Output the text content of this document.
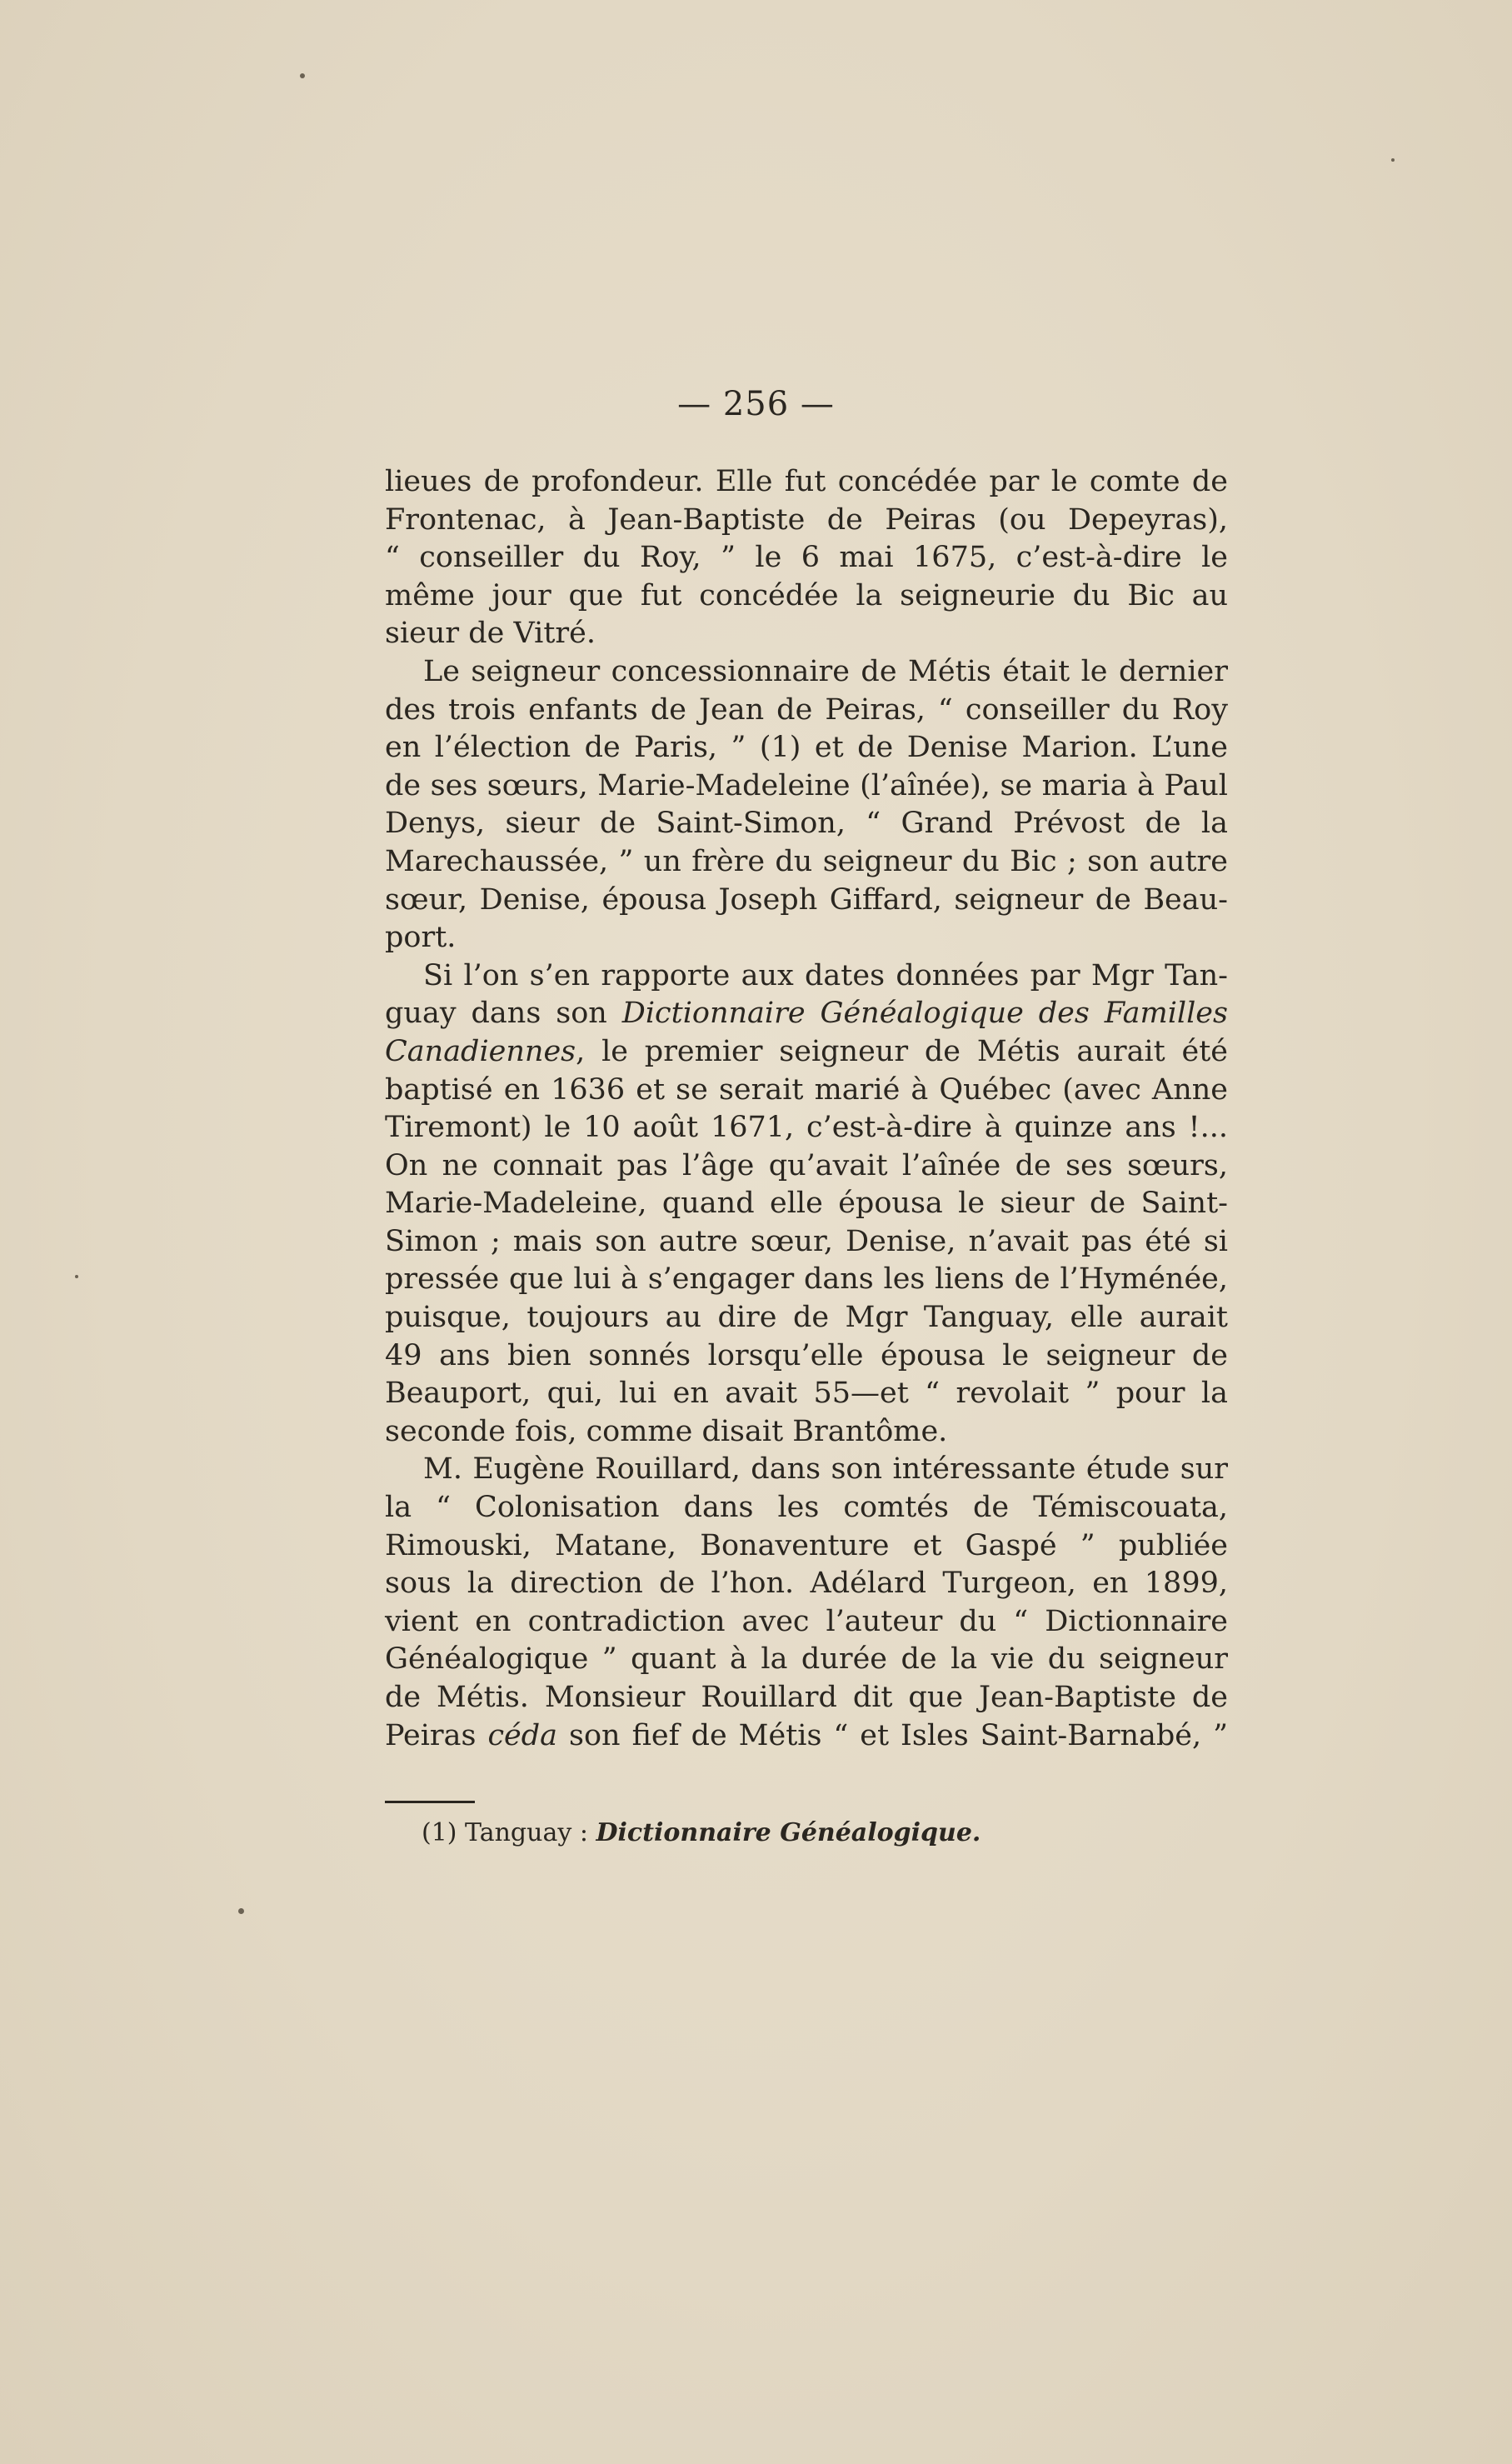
— 256 —
lieues de profondeur. Elle fut concédée par le comte de
Frontenac, à Jean-Baptiste de Peiras (ou Depeyras),
“ conseiller du Roy, ” le 6 mai 1675, c’est-à-dire le
même jour que fut concédée la seigneurie du Bic au
sieur de Vitré.
Le seigneur concessionnaire de Métis était le dernier
des trois enfants de Jean de Peiras, “ conseiller du Roy
en l’élection de Paris, ” (1) et de Denise Marion. L’une
de ses sœurs, Marie-Madeleine (l’aînée), se maria à Paul
Denys, sieur de Saint-Simon, “ Grand Prévost de la
Marechaussée, ” un frère du seigneur du Bic ; son autre
sœur, Denise, épousa Joseph Giffard, seigneur de Beau-
port.
Si l’on s’en rapporte aux dates données par Mgr Tan-
guay dans son Dictionnaire Généalogique des Familles
Canadiennes, le premier seigneur de Métis aurait été
baptisé en 1636 et se serait marié à Québec (avec Anne
Tiremont) le 10 août 1671, c’est-à-dire à quinze ans !...
On ne connait pas l’âge qu’avait l’aînée de ses sœurs,
Marie-Madeleine, quand elle épousa le sieur de Saint-
Simon ; mais son autre sœur, Denise, n’avait pas été si
pressée que lui à s’engager dans les liens de l’Hyménée,
puisque, toujours au dire de Mgr Tanguay, elle aurait
49 ans bien sonnés lorsqu’elle épousa le seigneur de
Beauport, qui, lui en avait 55—et “ revolait ” pour la
seconde fois, comme disait Brantôme.
M. Eugène Rouillard, dans son intéressante étude sur
la “ Colonisation dans les comtés de Témiscouata,
Rimouski, Matane, Bonaventure et Gaspé ” publiée
sous la direction de l’hon. Adélard Turgeon, en 1899,
vient en contradiction avec l’auteur du “ Dictionnaire
Généalogique ” quant à la durée de la vie du seigneur
de Métis. Monsieur Rouillard dit que Jean-Baptiste de
Peiras céda son fief de Métis “ et Isles Saint-Barnabé, ”
(1) Tanguay : Dictionnaire Généalogique.
